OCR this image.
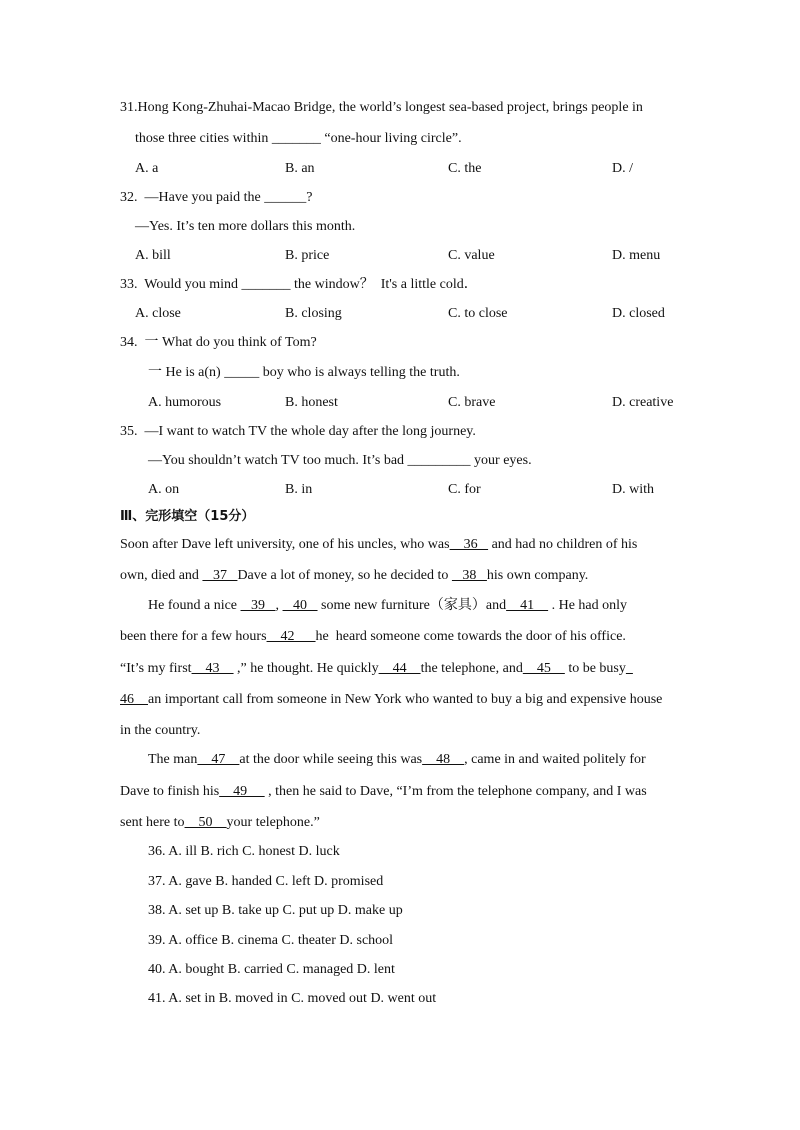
31.Hong Kong-Zhuhai-Macao Bridge, the world’s longest sea-based project, brings people in
those three cities within _______ “one-hour living circle”.
A. a	B. an	C. the	D. /
32.  —Have you paid the ______?
—Yes. It’s ten more dollars this month.
A. bill	B. price	C. value	D. menu
33.  Would you mind _______ the window？  It's a little cold．
A. close	B. closing	C. to close	D. closed
34.  一 What do you think of Tom?
一 He is a(n) _____ boy who is always telling the truth.
A. humorous	B. honest	C. brave	D. creative
35.  —I want to watch TV the whole day after the long journey.
—You shouldn’t watch TV too much. It’s bad _________ your eyes.
A. on	B. in	C. for	D. with
Ⅲ、完形填空（15分）
Soon after Dave left university, one of his uncles, who was    36    and had no children of his
own, died and    37   Dave a lot of money, so he decided to    38   his own company.
He found a nice    39   ,    40    some new furniture（家具）and    41     . He had only
been there for a few hours    42      he  heard someone come towards the door of his office.
“It’s my first    43     ,” he thought. He quickly    44    the telephone, and    45     to be busy
46 an important call from someone in New York who wanted to buy a big and expensive house
in the country.
The man    47    at the door while seeing this was    48    , came in and waited politely for
Dave to finish his    49      , then he said to Dave, “I’m from the telephone company, and I was
sent here to    50    your telephone.”
36. A. ill B. rich C. honest D. luck
37. A. gave B. handed C. left D. promised
38. A. set up B. take up C. put up D. make up
39. A. office B. cinema C. theater D. school
40. A. bought B. carried C. managed D. lent
41. A. set in B. moved in C. moved out D. went out
